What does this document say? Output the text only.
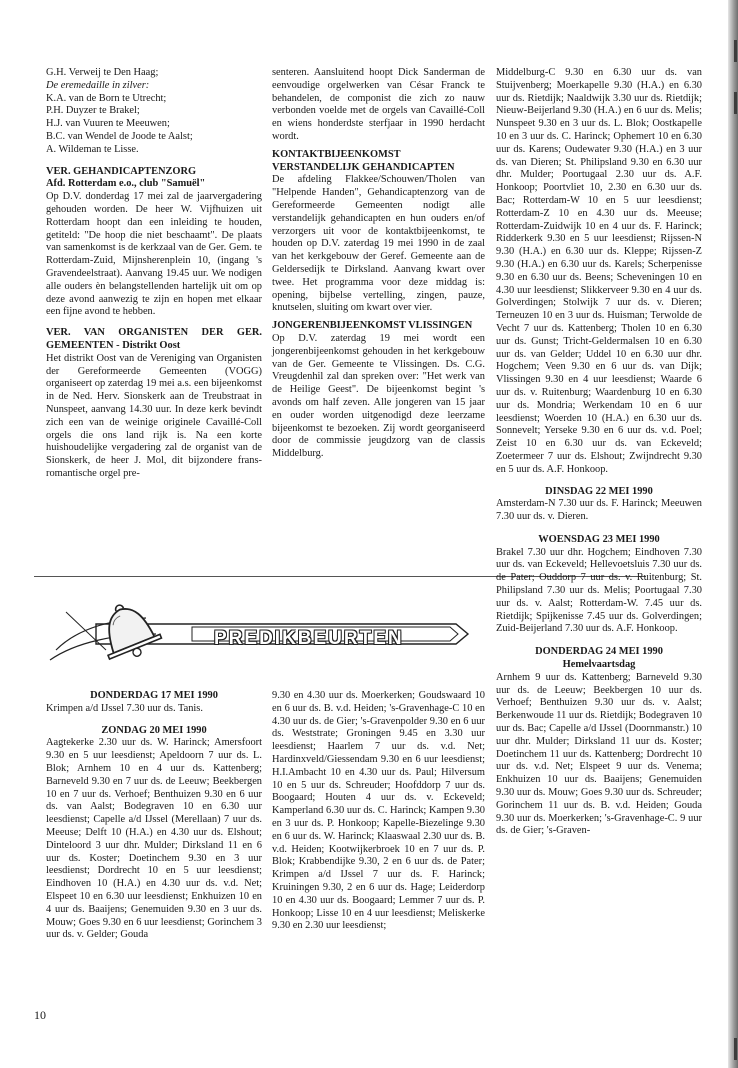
G.H. Verweij te Den Haag;
De eremedaille in zilver:
K.A. van de Born te Utrecht;
P.H. Duyzer te Brakel;
H.J. van Vuuren te Meeuwen;
B.C. van Wendel de Joode te Aalst;
A. Wildeman te Lisse.
VER. GEHANDICAPTENZORG
Afd. Rotterdam e.o., club "Samuël"

Op D.V. donderdag 17 mei zal de jaarvergadering gehouden worden. De heer W. Vijfhuizen uit Rotterdam hoopt dan een inleiding te houden, getiteld: "De hoop die niet beschaamt". De plaats van samenkomst is de kerkzaal van de Ger. Gem. te Rotterdam-Zuid, Mijnsherenplein 10, (ingang 's Gravendeelstraat). Aanvang 19.45 uur. We nodigen alle ouders èn belangstellenden hartelijk uit om op deze avond aanwezig te zijn en hopen met elkaar een fijne avond te hebben.

VER. VAN ORGANISTEN DER GER. GEMEENTEN - Distrikt Oost

Het distrikt Oost van de Vereniging van Organisten der Gereformeerde Gemeenten (VOGG) organiseert op zaterdag 19 mei a.s. een bijeenkomst in de Ned. Herv. Sionskerk aan de Treubstraat in Nunspeet, aanvang 14.30 uur. In deze kerk bevindt zich een van de weinige originele Cavaillé-Coll orgels die ons land rijk is. Na een korte huishoudelijke vergadering zal de organist van de Sionskerk, de heer J. Mol, dit bijzondere frans-romantische orgel pre-

senteren. Aansluitend hoopt Dick Sanderman de eenvoudige orgelwerken van César Franck te behandelen, de componist die zich zo nauw verbonden voelde met de orgels van Cavaillé-Coll en wiens honderdste sterfjaar in 1990 herdacht wordt.

KONTAKTBIJEENKOMST VERSTANDELIJK GEHANDICAPTEN

De afdeling Flakkee/Schouwen/Tholen van "Helpende Handen", Gehandicaptenzorg van de Gereformeerde Gemeenten nodigt alle verstandelijk gehandicapten en hun ouders en/of verzorgers uit voor de kontaktbijeenkomst, te houden op D.V. zaterdag 19 mei 1990 in de zaal van het kerkgebouw der Geref. Gemeente aan de Geldersedijk te Dirksland. Aanvang kwart over twee. Het programma voor deze middag is: opening, bijbelse vertelling, zingen, pauze, knutselen, sluiting om kwart over vier.

JONGERENBIJEENKOMST VLISSINGEN

Op D.V. zaterdag 19 mei wordt een jongerenbijeenkomst gehouden in het kerkgebouw van de Ger. Gemeente te Vlissingen. Ds. C.G. Vreugdenhil zal dan spreken over: "Het werk van de Heilige Geest". De bijeenkomst begint 's avonds om half zeven. Alle jongeren van 15 jaar en ouder worden uitgenodigd deze leerzame bijeenkomst te bezoeken. Zij wordt georganiseerd door de commissie jeugdzorg van de classis Middelburg.

PREDIKBEURTEN

Middelburg-C 9.30 en 6.30 uur ds. van Stuijvenberg; Moerkapelle 9.30 (H.A.) en 6.30 uur ds. Rietdijk; Naaldwijk 3.30 uur ds. Rietdijk; Nieuw-Beijerland 9.30 (H.A.) en 6 uur ds. Melis; Nunspeet 9.30 en 3 uur ds. L. Blok; Oostkapelle 10 en 3 uur ds. C. Harinck; Ophemert 10 en 6.30 uur ds. Karens; Oudewater 9.30 (H.A.) en 3 uur ds. van Dieren; St. Philipsland 9.30 en 6.30 uur dhr. Mulder; Poortugaal 2.30 uur ds. A.F. Honkoop; Poortvliet 10, 2.30 en 6.30 uur ds. Bac; Rotterdam-W 10 en 5 uur leesdienst; Rotterdam-Z 10 en 4.30 uur ds. Meeuse; Rotterdam-Zuidwijk 10 en 4 uur ds. F. Harinck; Ridderkerk 9.30 en 5 uur leesdienst; Rijssen-N 9.30 (H.A.) en 6.30 uur ds. Kleppe; Rijssen-Z 9.30 (H.A.) en 6.30 uur ds. Karels; Scherpenisse 9.30 en 6.30 uur ds. Beens; Scheveningen 10 en 4.30 uur leesdienst; Slikkerveer 9.30 en 4 uur ds. Golverdingen; Stolwijk 7 uur ds. v. Dieren; Terneuzen 10 en 3 uur ds. Huisman; Terwolde de Vecht 7 uur ds. Kattenberg; Tholen 10 en 6.30 uur ds. Gunst; Tricht-Geldermalsen 10 en 6.30 uur ds. van Gelder; Uddel 10 en 6.30 uur dhr. Hogchem; Veen 9.30 en 6 uur ds. van Dijk; Vlissingen 9.30 en 4 uur leesdienst; Waarde 6 uur ds. v. Ruitenburg; Waardenburg 10 en 6.30 uur ds. Mondria; Werkendam 10 en 6 uur leesdienst; Woerden 10 (H.A.) en 6.30 uur ds. Sonnevelt; Yerseke 9.30 en 6 uur ds. v.d. Poel; Zeist 10 en 6.30 uur ds. van Eckeveld; Zoetermeer 7 uur ds. Elshout; Zwijndrecht 9.30 en 5 uur ds. A.F. Honkoop.

DINSDAG 22 MEI 1990

Amsterdam-N 7.30 uur ds. F. Harinck; Meeuwen 7.30 uur ds. v. Dieren.

WOENSDAG 23 MEI 1990

Brakel 7.30 uur dhr. Hogchem; Eindhoven 7.30 uur ds. van Eckeveld; Hellevoetsluis 7.30 uur ds. de Pater; Ouddorp 7 uur ds. v. Ruitenburg; St. Philipsland 7.30 uur ds. Melis; Poortugaal 7.30 uur ds. v. Aalst; Rotterdam-W. 7.45 uur ds. Rietdijk; Spijkenisse 7.45 uur ds. Golverdingen; Zuid-Beijerland 7.30 uur ds. A.F. Honkoop.

DONDERDAG 24 MEI 1990
Hemelvaartsdag

Arnhem 9 uur ds. Kattenberg; Barneveld 9.30 uur ds. de Leeuw; Beekbergen 10 uur ds. Verhoef; Benthuizen 9.30 uur ds. v. Aalst; Berkenwoude 11 uur ds. Rietdijk; Bodegraven 10 uur ds. Bac; Capelle a/d IJssel (Doornmanstr.) 10 uur dhr. Mulder; Dirksland 11 uur ds. Koster; Doetinchem 11 uur ds. Kattenberg; Dordrecht 10 uur ds. v.d. Net; Elspeet 9 uur ds. Venema; Enkhuizen 10 uur ds. Baaijens; Genemuiden 9.30 uur ds. Mouw; Goes 9.30 uur ds. Schreuder; Gorinchem 11 uur ds. B. v.d. Heiden; Gouda 9.30 uur ds. Moerkerken; 's-Gravenhage-C. 9 uur ds. de Gier; 's-Graven-

DONDERDAG 17 MEI 1990

Krimpen a/d IJssel 7.30 uur ds. Tanis.

ZONDAG 20 MEI 1990

Aagtekerke 2.30 uur ds. W. Harinck; Amersfoort 9.30 en 5 uur leesdienst; Apeldoorn 7 uur ds. L. Blok; Arnhem 10 en 4 uur ds. Kattenberg; Barneveld 9.30 en 7 uur ds. de Leeuw; Beekbergen 10 en 7 uur ds. Verhoef; Benthuizen 9.30 en 6 uur ds. van Aalst; Bodegraven 10 en 6.30 uur leesdienst; Capelle a/d IJssel (Merellaan) 7 uur ds. Meeuse; Delft 10 (H.A.) en 4.30 uur ds. Elshout; Dinteloord 3 uur dhr. Mulder; Dirksland 11 en 6 uur ds. Koster; Doetinchem 9.30 en 3 uur leesdienst; Dordrecht 10 en 5 uur leesdienst; Eindhoven 10 (H.A.) en 4.30 uur ds. v.d. Net; Elspeet 10 en 6.30 uur leesdienst; Enkhuizen 10 en 4 uur ds. Baaijens; Genemuiden 9.30 en 3 uur ds. Mouw; Goes 9.30 en 6 uur leesdienst; Gorinchem 3 uur ds. v. Gelder; Gouda

9.30 en 4.30 uur ds. Moerkerken; Goudswaard 10 en 6 uur ds. B. v.d. Heiden; 's-Gravenhage-C 10 en 4.30 uur ds. de Gier; 's-Gravenpolder 9.30 en 6 uur ds. Weststrate; Groningen 9.45 en 3.30 uur leesdienst; Haarlem 7 uur ds. v.d. Net; Hardinxveld/Giessendam 9.30 en 6 uur leesdienst; H.I.Ambacht 10 en 4.30 uur ds. Paul; Hilversum 10 en 5 uur ds. Schreuder; Hoofddorp 7 uur ds. Boogaard; Houten 4 uur ds. v. Eckeveld; Kamperland 6.30 uur ds. C. Harinck; Kampen 9.30 en 3 uur ds. P. Honkoop; Kapelle-Biezelinge 9.30 en 6 uur ds. W. Harinck; Klaaswaal 2.30 uur ds. B. v.d. Heiden; Kootwijkerbroek 10 en 7 uur ds. P. Blok; Krabbendijke 9.30, 2 en 6 uur ds. de Pater; Krimpen a/d IJssel 7 uur ds. F. Harinck; Kruiningen 9.30, 2 en 6 uur ds. Hage; Leiderdorp 10 en 4.30 uur ds. Boogaard; Lemmer 7 uur ds. P. Honkoop; Lisse 10 en 4 uur leesdienst; Meliskerke 9.30 en 2.30 uur leesdienst;

10
